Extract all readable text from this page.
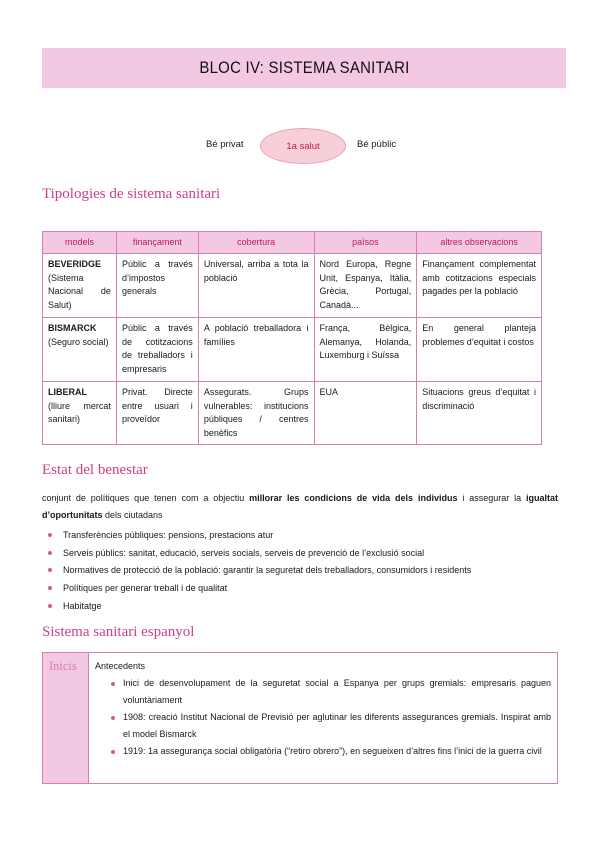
BLOC IV: SISTEMA SANITARI
Bé privat	1a salut	Bé públic
Tipologies de sistema sanitari
models	finançament	cobertura	països	altres observacions
BEVERIDGE
(Sistema Nacional de Salut)	Públic a través d’impostos generals	Universal, arriba a tota la població	Nord Europa, Regne Unit, Espanya, Itàlia, Grècia, Portugal, Canadà...	Finançament complementat amb cotitzacions especials pagades per la població
BISMARCK
(Seguro social)	Públic a través de cotitzacions de treballadors i empresaris	A població treballadora i famílies	França, Bèlgica, Alemanya, Holanda, Luxemburg i Suïssa	En general planteja problemes d’equitat i costos
LIBERAL
(lliure mercat sanitari)	Privat. Directe entre usuari i proveïdor	Assegurats. Grups vulnerables: institucions públiques / centres benèfics	EUA	Situacions greus d’equitat i discriminació
Estat del benestar

conjunt de polítiques que tenen com a objectiu millorar les condicions de vida dels individus i assegurar la igualtat d’oportunitats dels ciutadans

Transferències públiques: pensions, prestacions atur
Serveis públics: sanitat, educació, serveis socials, serveis de prevenció de l’exclusió social
Normatives de protecció de la població: garantir la seguretat dels treballadors, consumidors i residents
Polítiques per generar treball i de qualitat
Habitatge
Sistema sanitari espanyol
Inicis	Antecedents
Inici de desenvolupament de la seguretat social a Espanya per grups gremials: empresaris paguen voluntàriament
1908: creació Institut Nacional de Previsió per aglutinar les diferents assegurances gremials. Inspirat amb el model Bismarck
1919: 1a assegurança social obligatòria (“retiro obrero”), en segueixen d’altres fins l’inici de la guerra civil
